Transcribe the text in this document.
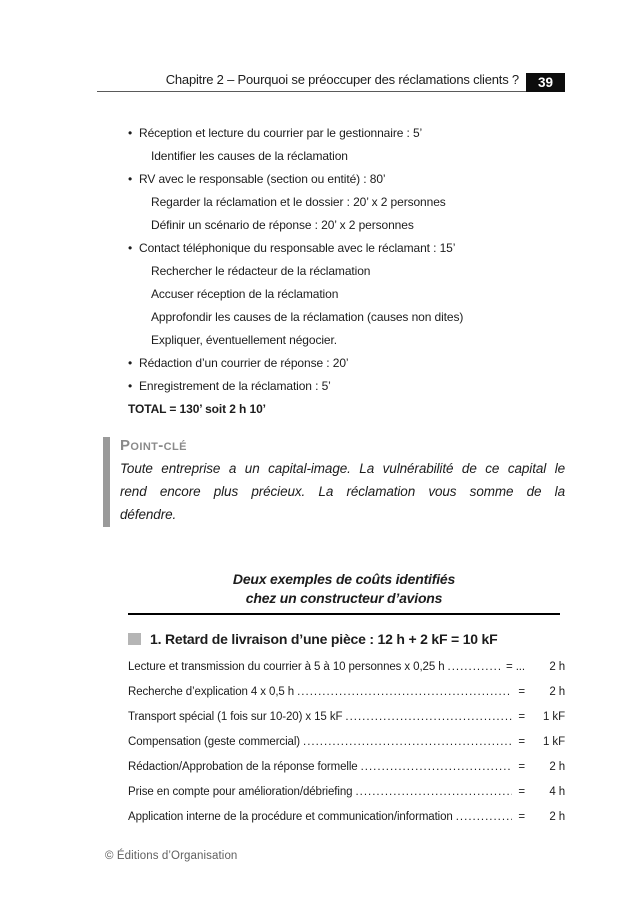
Chapitre 2 – Pourquoi se préoccuper des réclamations clients ?	39
• Réception et lecture du courrier par le gestionnaire : 5’
Identifier les causes de la réclamation
• RV avec le responsable (section ou entité) : 80’
Regarder la réclamation et le dossier : 20’ x 2 personnes
Définir un scénario de réponse : 20’ x 2 personnes
• Contact téléphonique du responsable avec le réclamant : 15’
Rechercher le rédacteur de la réclamation
Accuser réception de la réclamation
Approfondir les causes de la réclamation (causes non dites)
Expliquer, éventuellement négocier.
• Rédaction d’un courrier de réponse : 20’
• Enregistrement de la réclamation : 5’
TOTAL = 130’ soit 2 h 10’
Point-clé
Toute entreprise a un capital-image. La vulnérabilité de ce capital le rend encore plus précieux. La réclamation vous somme de la défendre.
Deux exemples de coûts identifiés
chez un constructeur d’avions
1. Retard de livraison d’une pièce : 12 h + 2 kF = 10 kF
Lecture et transmission du courrier à 5 à 10 personnes x 0,25 h .....	= ...	2 h
Recherche d’explication 4 x 0,5 h .....	=	2 h
Transport spécial (1 fois sur 10-20) x 15 kF .....	=	1 kF
Compensation (geste commercial) .....	=	1 kF
Rédaction/Approbation de la réponse formelle .....	=	2 h
Prise en compte pour amélioration/débriefing .....	=	4 h
Application interne de la procédure et communication/information .....	=	2 h
© Éditions d’Organisation
